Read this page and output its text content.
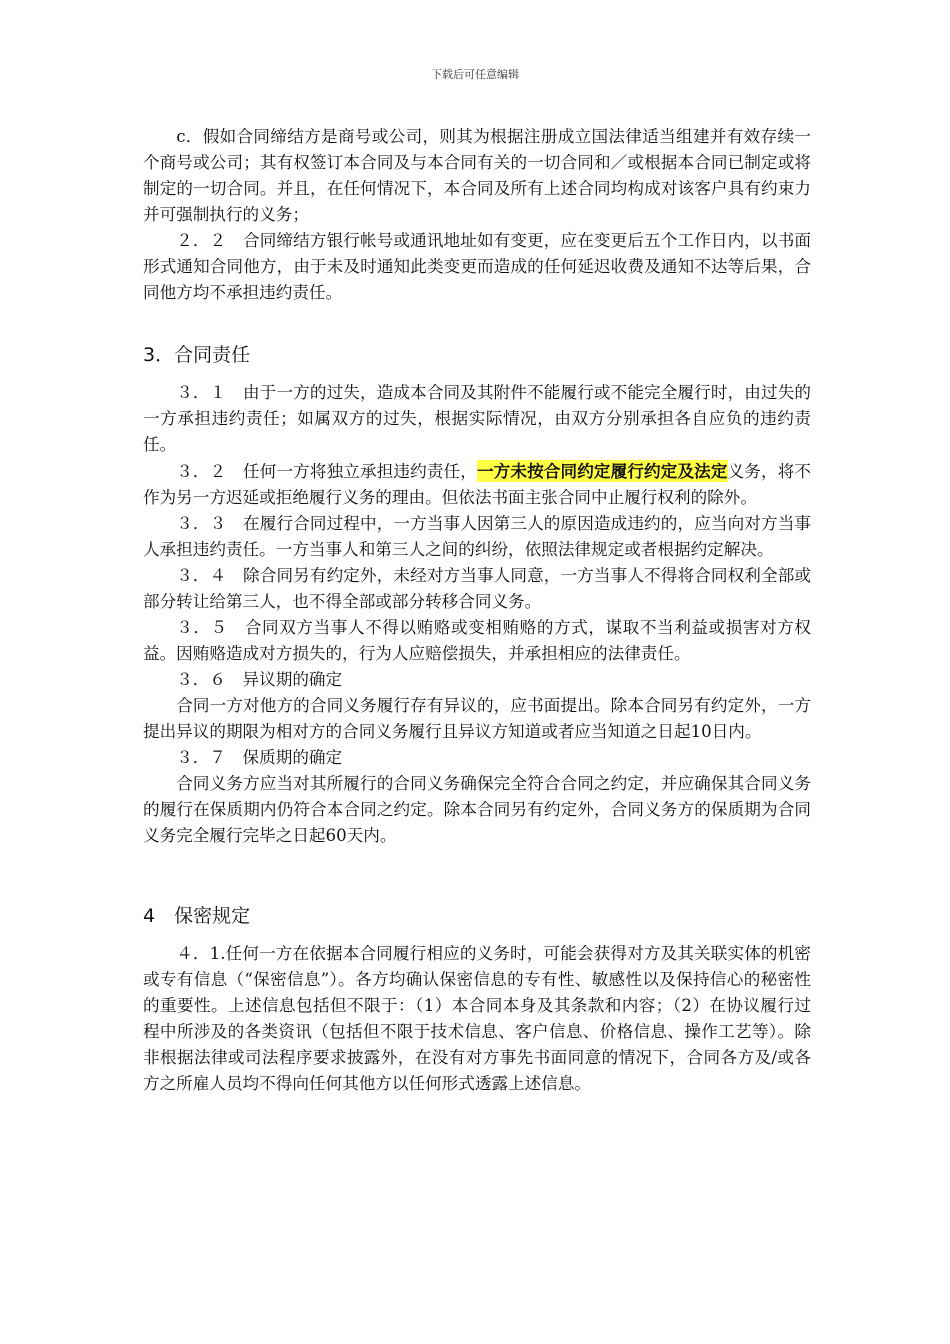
下载后可任意编辑

c．假如合同缔结方是商号或公司，则其为根据注册成立国法律适当组建并有效存续一个商号或公司；其有权签订本合同及与本合同有关的一切合同和／或根据本合同已制定或将制定的一切合同。并且，在任何情况下，本合同及所有上述合同均构成对该客户具有约束力并可强制执行的义务；

２．２　合同缔结方银行帐号或通讯地址如有变更，应在变更后五个工作日内，以书面形式通知合同他方，由于未及时通知此类变更而造成的任何延迟收费及通知不达等后果，合同他方均不承担违约责任。

3．合同责任

３．１　由于一方的过失，造成本合同及其附件不能履行或不能完全履行时，由过失的一方承担违约责任；如属双方的过失，根据实际情况，由双方分别承担各自应负的违约责任。

３．２　任何一方将独立承担违约责任，一方未按合同约定履行约定及法定义务，将不作为另一方迟延或拒绝履行义务的理由。但依法书面主张合同中止履行权利的除外。

３．３　在履行合同过程中，一方当事人因第三人的原因造成违约的，应当向对方当事人承担违约责任。一方当事人和第三人之间的纠纷，依照法律规定或者根据约定解决。

３．４　除合同另有约定外，未经对方当事人同意，一方当事人不得将合同权利全部或部分转让给第三人，也不得全部或部分转移合同义务。

３．５　合同双方当事人不得以贿赂或变相贿赂的方式，谋取不当利益或损害对方权益。因贿赂造成对方损失的，行为人应赔偿损失，并承担相应的法律责任。

３．６　异议期的确定

合同一方对他方的合同义务履行存有异议的，应书面提出。除本合同另有约定外，一方提出异议的期限为相对方的合同义务履行且异议方知道或者应当知道之日起10日内。

３．７　保质期的确定

合同义务方应当对其所履行的合同义务确保完全符合合同之约定，并应确保其合同义务的履行在保质期内仍符合本合同之约定。除本合同另有约定外，合同义务方的保质期为合同义务完全履行完毕之日起60天内。

4　保密规定

４．1.任何一方在依据本合同履行相应的义务时，可能会获得对方及其关联实体的机密或专有信息（“保密信息”）。各方均确认保密信息的专有性、敏感性以及保持信心的秘密性的重要性。上述信息包括但不限于：（1）本合同本身及其条款和内容；（2）在协议履行过程中所涉及的各类资讯（包括但不限于技术信息、客户信息、价格信息、操作工艺等）。除非根据法律或司法程序要求披露外，在没有对方事先书面同意的情况下，合同各方及/或各方之所雇人员均不得向任何其他方以任何形式透露上述信息。
